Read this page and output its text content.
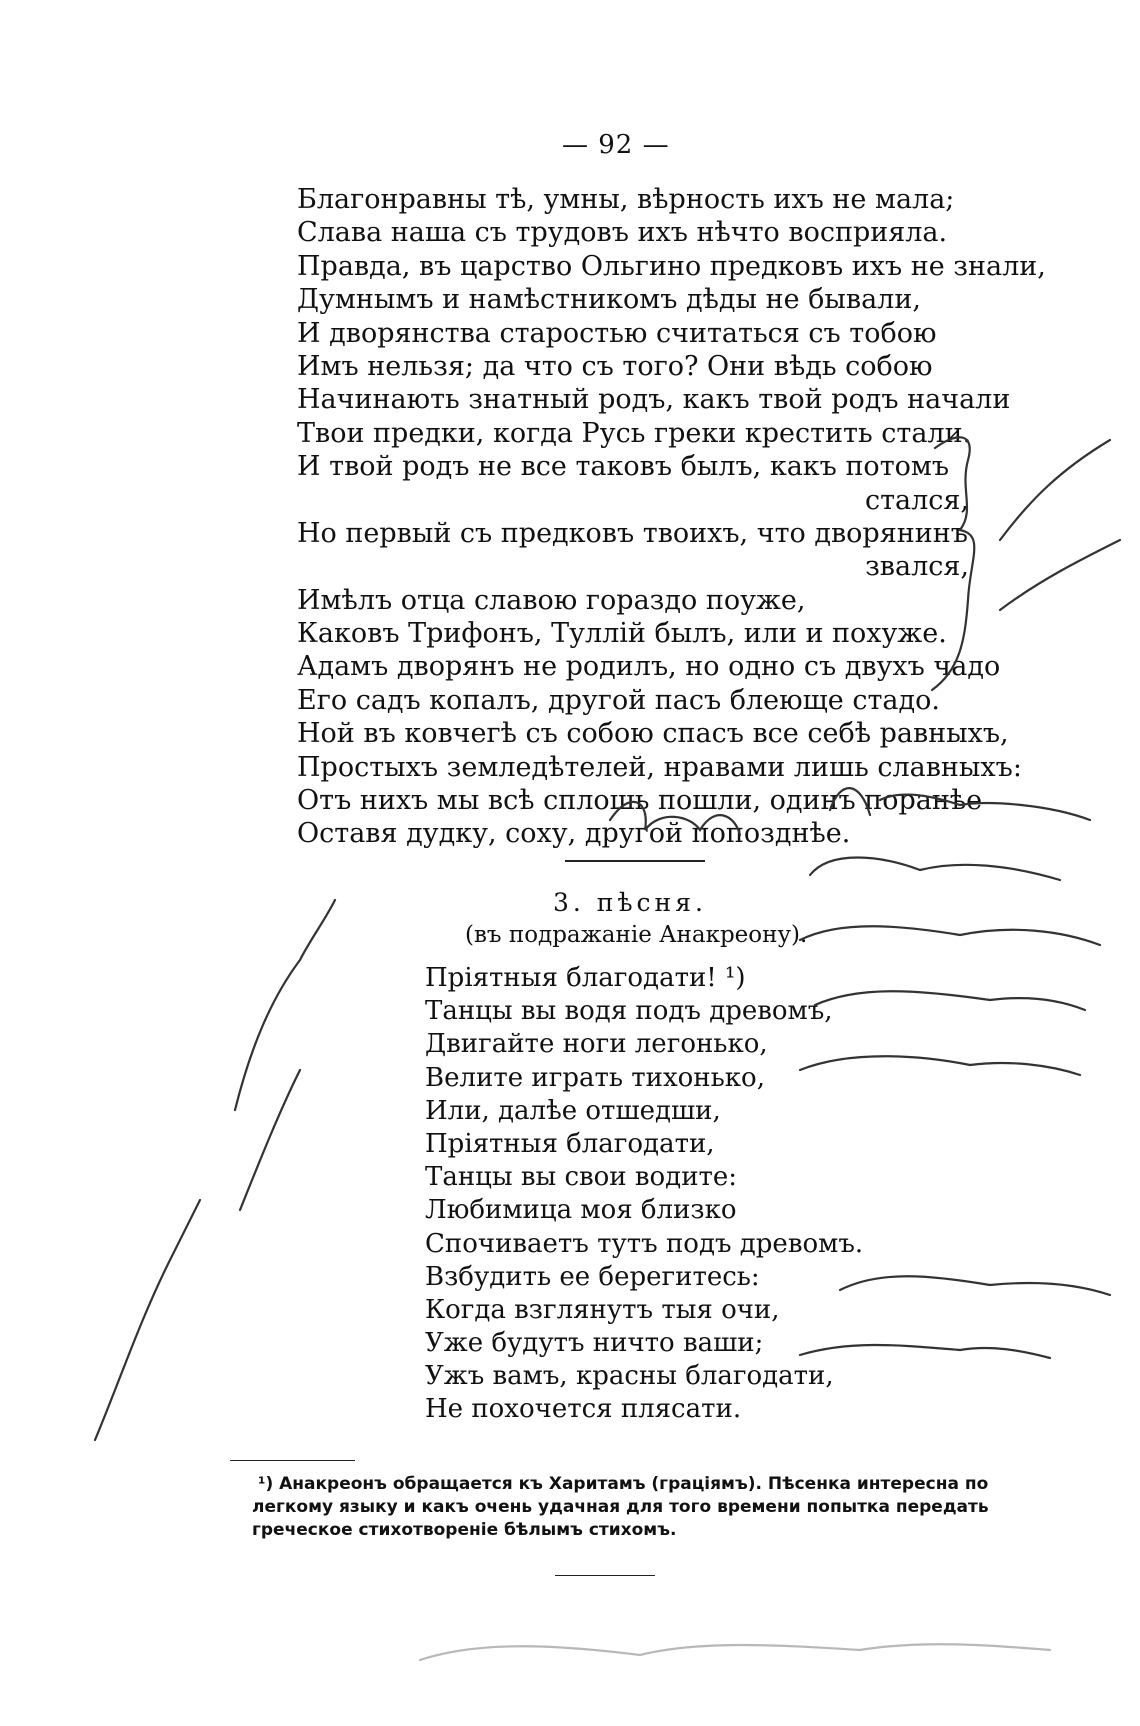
— 92 —
Благонравны тѣ, умны, вѣрность ихъ не мала;
Слава наша съ трудовъ ихъ нѣчто восприяла.
Правда, въ царство Ольгино предковъ ихъ не знали,
Думнымъ и намѣстникомъ дѣды не бывали,
И дворянства старостью считаться съ тобою
Имъ нельзя; да что съ того? Они вѣдь собою
Начинають знатный родъ, какъ твой родъ начали
Твои предки, когда Русь греки крестить стали.
И твой родъ не все таковъ былъ, какъ потомъ
сталcя,
Но первый съ предковъ твоихъ, что дворянинъ
звался,
Имѣлъ отца славою гораздо поуже,
Каковъ Трифонъ, Туллій былъ, или и похуже.
Адамъ дворянъ не родилъ, но одно съ двухъ чадо
Его садъ копалъ, другой пасъ блеюще стадо.
Ной въ ковчегѣ съ собою спасъ все себѣ равныхъ,
Простыхъ земледѣтелей, нравами лишь славныхъ:
Отъ нихъ мы всѣ сплошь пошли, одинъ поранѣе
Оставя дудку, соху, другой попозднѣе.
3. пѣсня.
(въ подражаніе Анакреону).
Пріятныя благодати! ¹)
Танцы вы водя подъ древомъ,
Двигайте ноги легонько,
Велите играть тихонько,
Или, далѣе отшедши,
Пріятныя благодати,
Танцы вы свои водите:
Любимица моя близко
Спочиваетъ тутъ подъ древомъ.
Взбудить ее берегитесь:
Когда взглянутъ тыя очи,
Уже будутъ ничто ваши;
Ужъ вамъ, красны благодати,
Не похочется плясати.
¹) Анакреонъ обращается къ Харитамъ (граціямъ). Пѣсенка интересна по легкому языку и какъ очень удачная для того времени попытка передать греческое стихотвореніе бѣлымъ стихомъ.
